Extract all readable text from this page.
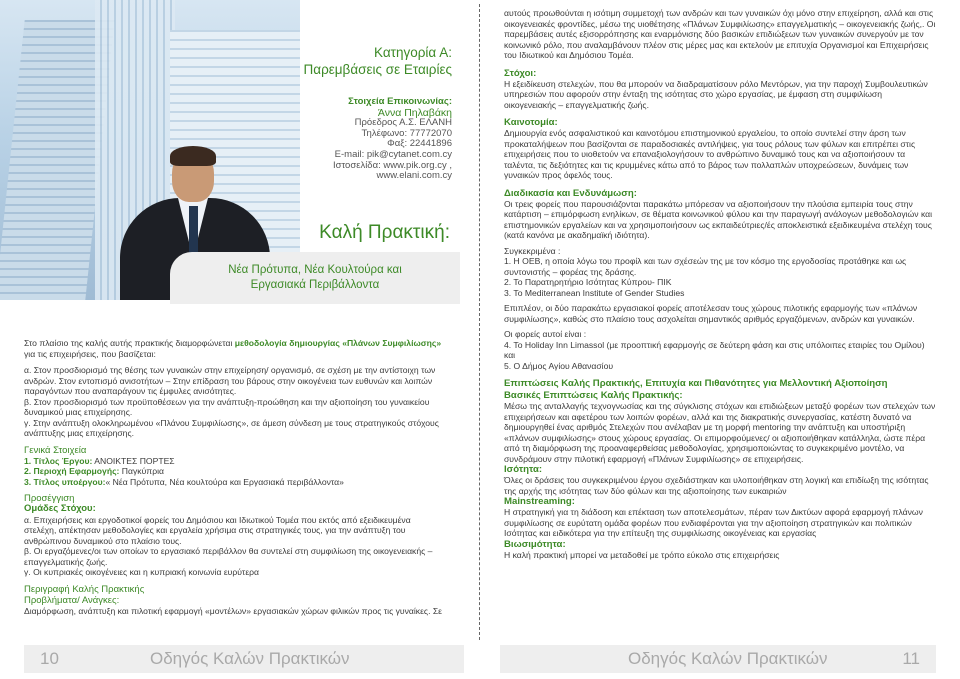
Κατηγορία Α:
Παρεμβάσεις σε Εταιρίες
Στοιχεία Επικοινωνίας:
Άννα Πηλαβάκη
Πρόεδρος Α.Σ. ΕΛΑΝΗ
Τηλέφωνο: 77772070
Φαξ: 22441896
E-mail: pik@cytanet.com.cy
Ιστοσελίδα: www.pik.org.cy ,
www.elani.com.cy
Καλή Πρακτική:
Νέα Πρότυπα, Νέα Κουλτούρα και
Εργασιακά Περιβάλλοντα

Στο πλαίσιο της καλής αυτής πρακτικής διαμορφώνεται μεθοδολογία δημιουργίας «Πλάνων Συμφιλίωσης» για τις επιχειρήσεις, που βασίζεται:

α. Στον προσδιορισμό της θέσης των γυναικών στην επιχείρηση/ οργανισμό, σε σχέση με την αντίστοιχη των ανδρών. Στον εντοπισμό ανισοτήτων – Στην επίδραση του βάρους στην οικογένεια των ευθυνών και λοιπών παραγόντων που αναπαράγουν τις έμφυλες ανισότητες.
β. Στον προσδιορισμό των προϋποθέσεων για την ανάπτυξη-προώθηση και την αξιοποίηση του γυναικείου δυναμικού μιας επιχείρησης.

γ. Στην ανάπτυξη ολοκληρωμένου «Πλάνου Συμφιλίωσης», σε άμεση σύνδεση με τους στρατηγικούς στόχους ανάπτυξης μιας επιχείρησης.

Γενικά Στοιχεία
1. Τίτλος Έργου: ΑΝΟΙΚΤΕΣ ΠΟΡΤΕΣ
2. Περιοχή Εφαρμογής: Παγκύπρια

3. Τίτλος υποέργου:« Νέα Πρότυπα, Νέα κουλτούρα και Εργασιακά περιβάλλοντα»

Προσέγγιση
Ομάδες Στόχου:
α. Επιχειρήσεις και εργοδοτικοί φορείς του Δημόσιου και Ιδιωτικού Τομέα που εκτός από εξειδικευμένα στελέχη, απέκτησαν μεθοδολογίες και εργαλεία χρήσιμα στις στρατηγικές τους, για την ανάπτυξη του ανθρώπινου δυναμικού στο πλαίσιο τους.
β. Οι εργαζόμενες/οι των οποίων το εργασιακό περιβάλλον θα συντελεί στη συμφιλίωση της οικογενειακής – επαγγελματικής ζωής.

γ. Οι κυπριακές οικογένειες και η κυπριακή κοινωνία ευρύτερα

Περιγραφή Καλής Πρακτικής
Προβλήματα/ Ανάγκες:
Διαμόρφωση, ανάπτυξη και πιλοτική εφαρμογή «μοντέλων» εργασιακών χώρων φιλικών προς τις γυναίκες. Σε
10	Οδηγός Καλών Πρακτικών
αυτούς προωθούνται η ισότιμη συμμετοχή των ανδρών και των γυναικών όχι μόνο στην επιχείρηση, αλλά και στις οικογενειακές φροντίδες, μέσω της υιοθέτησης «Πλάνων Συμφιλίωσης» επαγγελματικής – οικογενειακής ζωής,. Οι παρεμβάσεις αυτές εξισορρόπησης και εναρμόνισης δύο βασικών επιδιώξεων των γυναικών συνεργούν με τον κοινωνικό ρόλο, που αναλαμβάνουν πλέον στις μέρες μας και εκτελούν με επιτυχία Οργανισμοί και Επιχειρήσεις του Ιδιωτικού και Δημόσιου Τομέα.
Στόχοι:
Η εξειδίκευση στελεχών, που θα μπορούν να διαδραματίσουν ρόλο Μεντόρων, για την παροχή Συμβουλευτικών υπηρεσιών που αφορούν στην ένταξη της ισότητας στο χώρο εργασίας, με έμφαση στη συμφιλίωση οικογενειακής – επαγγελματικής ζωής.
Καινοτομία:
Δημιουργία ενός ασφαλιστικού και καινοτόμου επιστημονικού εργαλείου, το οποίο συντελεί στην άρση των προκαταλήψεων που βασίζονται σε παραδοσιακές αντιλήψεις, για τους ρόλους των φύλων και επιτρέπει στις επιχειρήσεις που το υιοθετούν να επαναξιολογήσουν το ανθρώπινο δυναμικό τους και να αξιοποιήσουν τα ταλέντα, τις δεξιότητες και τις κρυμμένες κάτω από το βάρος των πολλαπλών υποχρεώσεων, δυνάμεις των γυναικών προς όφελός τους.
Διαδικασία και Ενδυνάμωση:
Οι τρεις φορείς που παρουσιάζονται παρακάτω μπόρεσαν να αξιοποιήσουν την πλούσια εμπειρία τους στην κατάρτιση – επιμόρφωση ενηλίκων, σε θέματα κοινωνικού φύλου και την παραγωγή ανάλογων μεθοδολογιών και επιστημονικών εργαλείων και να χρησιμοποιήσουν ως εκπαιδεύτριες/ές αποκλειστικά εξειδικευμένα στελέχη τους (κατά κανόνα με ακαδημαϊκή ιδιότητα).
Συγκεκριμένα :
1. Η ΟΕΒ, η οποία λόγω του προφίλ και των σχέσεών της με τον κόσμο της εργοδοσίας προτάθηκε και ως συντονιστής – φορέας της δράσης.
2. Το Παρατηρητήριο Ισότητας Κύπρου- ΠΙΚ
3. To Mediterranean Institute of Gender Studies
Επιπλέον, οι δύο παρακάτω εργασιακοί φορείς αποτέλεσαν τους χώρους πιλοτικής εφαρμογής των «πλάνων συμφιλίωσης», καθώς στο πλαίσιο τους ασχολείται σημαντικός αριθμός εργαζόμενων, ανδρών και γυναικών.
Οι φορείς αυτοί είναι :
4. Το Holiday Inn Limassol (με προοπτική εφαρμογής σε δεύτερη φάση και στις υπόλοιπες εταιρίες του Ομίλου) και
5. Ο Δήμος Αγίου Αθανασίου
Επιπτώσεις Καλής Πρακτικής, Επιτυχία και Πιθανότητες για Μελλοντική Αξιοποίηση
Βασικές Επιπτώσεις Καλής Πρακτικής:
Μέσω της ανταλλαγής τεχνογνωσίας και της σύγκλισης στόχων και επιδιώξεων μεταξύ φορέων των στελεχών των επιχειρήσεων και αφετέρου των λοιπών φορέων, αλλά και της διακρατικής συνεργασίας, κατέστη δυνατό να δημιουργηθεί ένας αριθμός Στελεχών που ανέλαβαν με τη μορφή mentoring την ανάπτυξη και υποστήριξη «πλάνων συμφιλίωσης» στους χώρους εργασίας. Οι επιμορφούμενες/ οι αξιοποιήθηκαν κατάλληλα, ώστε πέρα από τη διαμόρφωση της προαναφερθείσας μεθοδολογίας, χρησιμοποιώντας το συγκεκριμένο μοντέλο, να συνδράμουν στην πιλοτική εφαρμογή «Πλάνων Συμφιλίωσης» σε επιχειρήσεις.
Ισότητα:
Όλες οι δράσεις του συγκεκριμένου έργου σχεδιάστηκαν και υλοποιήθηκαν στη λογική και επιδίωξη της ισότητας της αρχής της ισότητας των δύο φύλων και της αξιοποίησης των ευκαιριών
Mainstreaming:
Η στρατηγική για τη διάδοση και επέκταση των αποτελεσμάτων, πέραν των Δικτύων αφορά εφαρμογή πλάνων συμφιλίωσης σε ευρύτατη ομάδα φορέων που ενδιαφέρονται για την αξιοποίηση στρατηγικών και πολιτικών Ισότητας και ειδικότερα για την επίτευξη της συμφιλίωσης οικογένειας και εργασίας
Βιωσιμότητα:
Η καλή πρακτική μπορεί να μεταδοθεί με τρόπο εύκολο στις επιχειρήσεις
Οδηγός Καλών Πρακτικών	11
